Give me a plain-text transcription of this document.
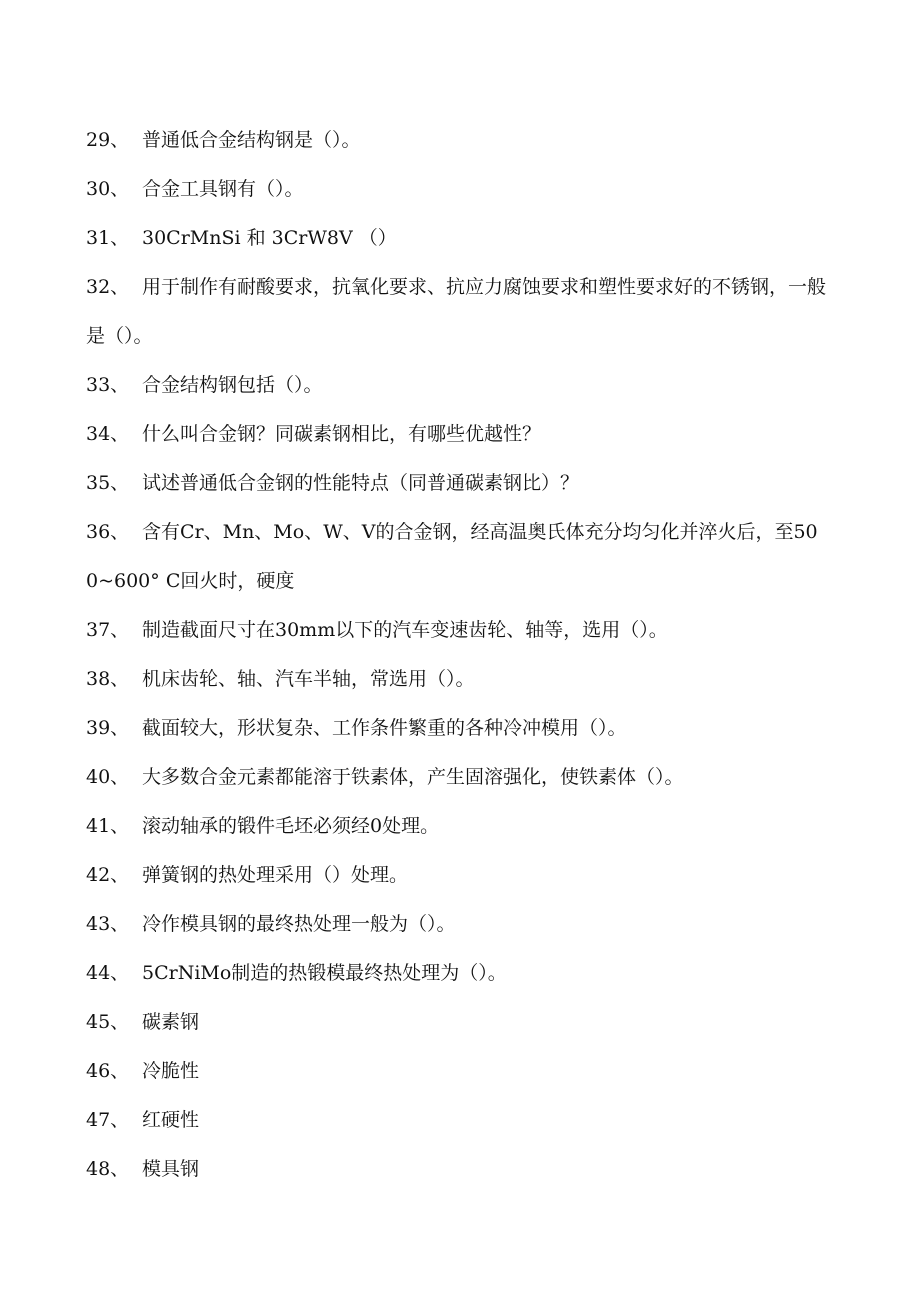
29、 普通低合金结构钢是（）。
30、 合金工具钢有（）。
31、 30CrMnSi 和 3CrW8V （）
32、 用于制作有耐酸要求，抗氧化要求、抗应力腐蚀要求和塑性要求好的不锈钢，一般是（）。
33、 合金结构钢包括（）。
34、 什么叫合金钢？同碳素钢相比，有哪些优越性？
35、 试述普通低合金钢的性能特点（同普通碳素钢比）？
36、 含有Cr、Mn、Mo、W、V的合金钢，经高温奥氏体充分均匀化并淬火后，至500~600° C回火时，硬度
37、 制造截面尺寸在30mm以下的汽车变速齿轮、轴等，选用（）。
38、 机床齿轮、轴、汽车半轴，常选用（）。
39、 截面较大，形状复杂、工作条件繁重的各种冷冲模用（）。
40、 大多数合金元素都能溶于铁素体，产生固溶强化，使铁素体（）。
41、 滚动轴承的锻件毛坯必须经0处理。
42、 弹簧钢的热处理采用（）处理。
43、 冷作模具钢的最终热处理一般为（）。
44、 5CrNiMo制造的热锻模最终热处理为（）。
45、 碳素钢
46、 冷脆性
47、 红硬性
48、 模具钢
